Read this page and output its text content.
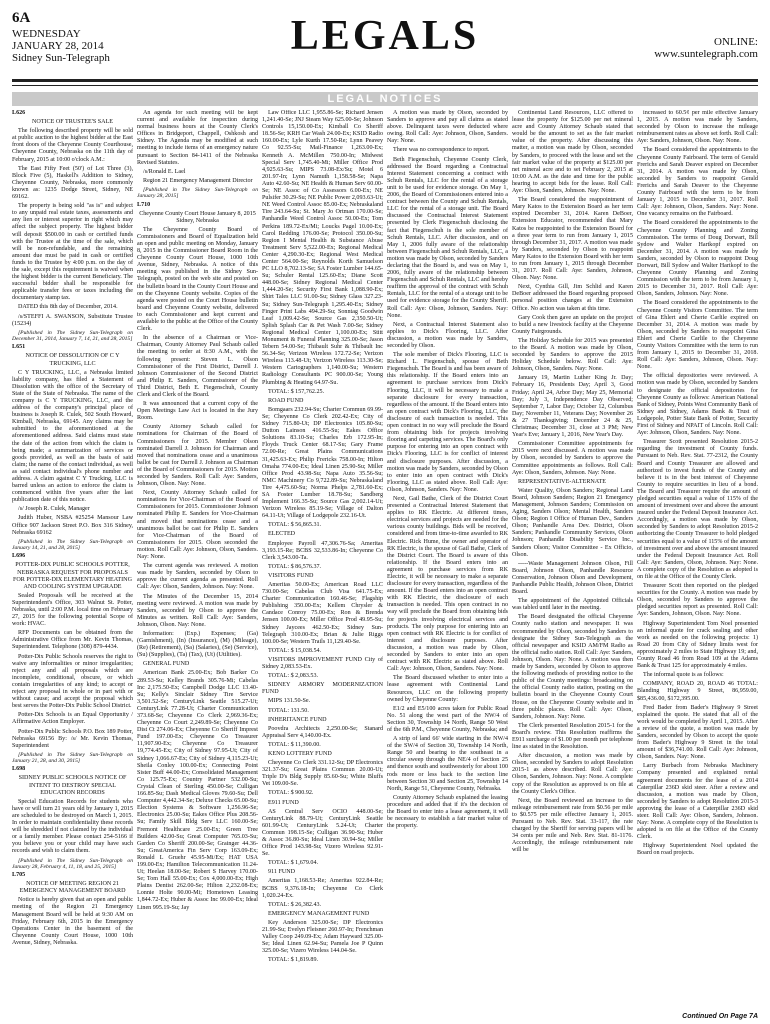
6A
WEDNESDAY
JANUARY 28, 2014
Sidney Sun-Telegraph	LEGALS	ONLINE:
www.suntelegraph.com
LEGAL NOTICES

L626

NOTICE OF TRUSTEE'S SALE

The following described property will be sold at public auction to the highest bidder at the East front doors of the Cheyenne County Courthouse, Cheyenne County, Nebraska on the 11th day of February, 2015 at 10:00 o'clock A.M.:

The East Fifty Feet (50') of Lot Three (3), Block Five (5), Haskell's Addition to Sidney, Cheyenne County, Nebraska, more commonly known as: 1235 Dodge Street, Sidney, NE 69162.

The property is being sold "as is" and subject to any unpaid real estate taxes, assessments and any lien or interest superior in right which may affect the subject property. The highest bidder will deposit $500.00 in cash or certified funds with the Trustee at the time of the sale, which will be non-refundable, and the remaining amount due must be paid in cash or certified funds to the Trustee by 4:00 p.m. on the day of the sale, except this requirement is waived when the highest bidder is the current Beneficiary. The successful bidder shall be responsible for applicable transfer fees or taxes including the documentary stamp tax.

DATED this 8th day of December, 2014.

/s/STEFFI A. SWANSON, Substitute Trustee (15234)

[Published in The Sidney Sun-Telegraph on December 31, 2014, January 7, 14, 21, and 28, 2015]

L651

NOTICE OF DISSOLUTION OF C Y TRUCKING, LLC

C Y TRUCKING, LLC, a Nebraska limited liability company, has filed a Statement of Dissolution with the office of the Secretary of State of the State of Nebraska. The name of the company is C Y TRUCKING, LLC, and the address of the company's principal place of business is Joseph R. Culek, 502 South Howard, Kimball, Nebraska, 69145. Any claims may be submitted to the aforementioned at the aforementioned address. Said claims must state the date of the action from which the claim is being made; a summarization of services or goods provided, as well as the basis of said claim; the name of the contact individual, as well as said contact individual's phone number and address. A claim against C Y Trucking, LLC is barred unless an action to enforce the claim is commenced within five years after the last publication date of this notice.

/s/ Joseph R. Culek, Manager

Judith Huber, NSBA #25254 Mansour Law Office 907 Jackson Street P.O. Box 316 Sidney, Nebraska 69162

[Published in The Sidney Sun-Telegraph on January 14, 21, and 28, 2015]

L696

POTTER-DIX PUBLIC SCHOOLS POTTER, NEBRASKA REQUEST FOR PROPOSALS FOR POTTER-DIX ELEMENTARY HEATING AND COOLING SYSTEM UPGRADE

Sealed Proposals will be received at the Superintendent's Office, 303 Walnut St. Potter, Nebraska, until 2:00 P.M. local time on February 27, 2015 for the following potential Scope of work: HVAC.

RFP Documents can be obtained from the Administrative Office from Mr. Kevin Thomas, Superintendent. Telephone (308) 879-4434.

Potter-Dix Public Schools reserves the right to waive any informalities or minor irregularities; reject any and all proposals which are incomplete, conditional, obscure, or which contain irregularities of any kind; to accept or reject any proposal in whole or in part with or without cause; and accept the proposal which best serves the Potter-Dix Public School District.

Potter-Dix Schools is an Equal Opportunity / Affirmative Action Employer.

Potter-Dix Public Schools P.O. Box 189 Potter, Nebraska 69156 By: /s/ Mr. Kevin Thomas, Superintendent

[Published in The Sidney Sun-Telegraph on January 21, 28, and 30, 2015]

L698

SIDNEY PUBLIC SCHOOLS NOTICE OF INTENT TO DESTROY SPECIAL EDUCATION RECORDS

Special Education Records for students who have or will turn 21 years old by January 1, 2015 are scheduled to be destroyed on March 1, 2015. In order to maintain confidentiality these records will be shredded if not claimed by the individual or a family member. Please contact 254-5166 if you believe you or your child may have such records and wish to claim them.

[Published in The Sidney Sun-Telegraph on January 28, February 4, 11, 18, and 25, 2015]

L705

NOTICE OF MEETING REGION 21 EMERGENCY MANAGEMENT BOARD

Notice is hereby given that an open and public meeting of the Region 21 Emergency Management Board will be held at 9:30 AM on Friday, February 6th, 2015 in the Emergency Operations Center in the basement of the Cheyenne County Court House, 1000 10th Avenue, Sidney, Nebraska.

An agenda for such meeting will be kept current and available for inspection during normal business hours at the County Clerk's Offices in Bridgeport, Chappell, Oshkosh and Sidney. The Agenda may be modified at such meeting to include items of an emergency nature pursuant to Section 84-1411 of the Nebraska Revised Statutes.

/s/Ronald E. Lael

Region 21 Emergency Management Director

[Published in The Sidney Sun-Telegraph on January 28, 2015]

L710

Cheyenne County Court House January 8, 2015 Sidney, Nebraska

The Cheyenne County Board of Commissioners and Board of Equalization held an open and public meeting on Monday, January 8, 2015 in the Commissioner Board Room in the Cheyenne County Court House, 1000 10th Avenue, Sidney, Nebraska. A notice of this meeting was published in the Sidney Sun-Telegraph, posted on the web site and posted on the bulletin board in the County Court House and on the Cheyenne County website. Copies of the agenda were posted on the Court House bulletin board and Cheyenne County website, delivered to each Commissioner and kept current and available to the public at the Office of the County Clerk.

In the absence of a Chairman or Vice-Chairman, County Attorney Paul Schaub called the meeting to order at 8:30 A.M., with the following present: Steven L. Olson Commissioner of the First District, Darrell J. Johnson Commissioner of the Second District and Philip E. Sanders, Commissioner of the Third District, Beth E. Fiegenschuh, County Clerk and Clerk of the Board.

It was announced that a current copy of the Open Meetings Law Act is located in the Jury Room.

County Attorney Schaub called for nominations for Chairman of the Board of Commissioners for 2015. Member Olson nominated Darrell J. Johnson for Chairman and moved that nominations cease and a unanimous ballot be cast for Darrell J. Johnson as Chairman of the Board of Commissioners for 2015. Motion seconded by Sanders. Roll Call: Aye: Sanders, Johnson, Olson. Nay: None.

Next, County Attorney Schaub called for nominations for Vice-Chairman of the Board of Commissioners for 2015. Commissioner Johnson nominated Philip E. Sanders for Vice-Chairman and moved that nominations cease and a unanimous ballot be cast for Philip E. Sanders for Vice-Chairman of the Board of Commissioners for 2015. Olson seconded the motion. Roll Call: Aye: Johnson, Olson, Sanders. Nay: None.

The current agenda was reviewed. A motion was made by Sanders, seconded by Olson to approve the current agenda as presented. Roll Call: Aye: Olson, Sanders, Johnson. Nay: None.

The Minutes of the December 15, 2014 meeting were reviewed. A motion was made by Sanders, seconded by Olson to approve the Minutes as written. Roll Call: Aye: Sanders, Johnson, Olson. Nay: None.

Information: (Exp.) Expenses; (Ga) (Garnishment), (In) (Insurance), (M) (Mileage), (Re) (Retirement), (Sa) (Salaries), (Se) (Service), (Su) (Supplies), (Ta) (Tax), (Ut) (Utilities).

GENERAL FUND

American Bank 25.00-Ex; Bob Barker Co 289.53-Su; Kelley Brands 305.76-Mi; Cabelas Inc 2,175.50-Ex; Campbell Dodge LLC 13.40-Su; Kelly's Sinclair Sidney Tire Service 3,501.52-Se; CenturyLink Seattle 515.27-Ut; CenturyLink 77.28-Ut; Charter Communication 373.68-Se; Cheyenne Co Clerk 2,969.36-Ex; Cheyenne Co Court 2,249.89-Se; Cheyenne Co Dist Ct 274.06-Ex; Cheyenne Co Sheriff Imprest Fund 197.00-Ex; Cheyenne Co Treasurer 11,907.90-Ex; Cheyenne Co Treasurer 19,774.45-Ex; City of Sidney 97.95-Ut; City of Sidney 1,066.67-Ex; City of Sidney 4,115.23-Ut; Sheila Conley 100.00-Ex; Connecting Point Sister Buff 44.00-Ex; Consolidated Management Co 125.75-Ex; Country Partner 532.00-Su; Crystal Clean of Sterling 450.00-Se; Culligan 166.85-Su; Dash Medical Gloves 79.60-Su; Dell Computer 4,442.34-Se; Deluxe Checks 65.00-Su; Election Systems & Software 1,256.96-Se; Electronics 25.00-Su; Eakes Office Plus 208.56-Su; Family Skill Bldg Serv LLC 160.00-Se; Fremont Healthcare 25.00-Ex; Green Tree Builders 42.00-Su; Great Computer 765.03-Su; Garden Co Sheriff 200.00-Se; Grainger 44.36-Su; GreatAmerica Fin Serv Corp 163.09-Ex; Ronald L Gruehr 45.95-Mi/Ex; HAT USA 199.00-Ex; Hamilton Telecommunication 11.24-Ut; Heelan 18.00-Se; Robert S Harvey 170.00-Se; Tom Hall 55.00-Ex; Cox 4,000.00-Ex; High Plains Dentist 262.00-Se; Hilton 2,232.08-Ex; Lonnie Holte 90.00-Mi; Hometown Leasing 1,844.72-Ex; Huber & Assoc Inc 99.00-Ex; Ideal Linen 995.19-Su; Jay

Law Office LLC 1,955.86-Se; Richard Jensen 1,241.40-Se; JNJ Steam Way 625.00-Se; Johnson Controls 15,150.00-Ex; Kimball Co Sheriff 18.56-Se; KRH Car Wash 24.00-Ex; KSID Radio 160.00-Ex; Lyle Kurth 17.50-Re; Lynn Peavey Co 92.55-Su; Mail-Finance 1,263.00-Ex; Kenneth A. McMillen 750.00-In; Midwest Special Serv 1,745.40-Mi; Miller Office Prod 4,925.63-Su; MIPS 73.08-Ex/Su; Motel 6 201.97-In; Lynn Namuth 1,158.58-Se; Napa Auto 42.60-Su; NE Health & Human Serv 60.00-Se; NE Assoc of Co Assessors 6.00-Ex; NE Pulsifer 30.29-Su; NE Public Power 2,093.63-Ut; NE Weed Control Assoc 85.00-Ex; Nebraskaland Tire 243.64-Su; St. Mary Jo Ortman 170.00-Se; Panhandle Weed Control Assoc 50.00-Ex; Tom Perkins 189.72-Ex/Mi; Loucks Pagel 10.00-Ex; Carol Redding 176.00-Se; Protocol 350.00-Su; Region I Mental Health & Substance Abuse Treatment Serv 5,522.00-Ex; Regional Medical Center 4,290.30-Ex; Regional West Medical Center 564.00-Se; Reynolds Korth Samuelson PC LLO 8,702.13-Se; SA Foster Lumber 144.65-Su; Schuler Rental 125.60-Ex; Diane Scott 448.00-Se; Sidney Regional Medical Center 1,444.20-Se; Security First Bank 1,088.90-Ex; Shirt Tales LLC 91.00-Su; Sidney Glass 327.23-Su; Sidney Sun-Telegraph 1,295.40-Ex; Sidney Finger Print Labs 494.29-Su; Sonntag Goodwin Leaf 1,009.42-Se; Source Gas 2,350.50-Ut; Splish Splash Car & Pet Wash 7.00-Se; Sidney Regional Medical Center 1,100.00-Ex; Stitt Monument & Funeral Planning 325.00-Se; Jason Tebern 54.00-Se; Thibault Suhr & Thibault Inc 56.34-Se; Verizon Wireless 172.72-Se; Verizon Wireless 113.48-Ut; Verizon Wireless 113.30-Se; Western Cartographers 1,140.00-Su; Western Radiology Consultants PC 900.00-Se; Young Plumbing & Heating 64.97-Su.

TOTAL: $ 157,762.25.

ROAD FUND

Bomgaars 232.94-Su; Charter Commun 69.99-Se; Cheyenne Co Clerk 202.42-Ex; City of Sidney 715.80-Ut; DP Electronics 105.80-Su; Dutton Lainson 416.55-Su; Eakes Office Solutions 83.10-Su; Charles Erb 172.95-In; Floyds Truck Center 68.17-Su; Gary Frame 72.00-Re; Great Plains Communications 31,425.63-Ex; Philip Frericks 758.00-In; Hilton Omaha 774.00-Ex; Ideal Linen 25.90-Su; Miller Office Prod 43.98-Su; Napa Auto 35.56-Su; NMC Machinery Co 9,722.89-Su; Nebraskaland Tire 4,475.60-Su; Norma Phelps 2,781.60-Ex; SA Foster Lumber 18.78-Su; Sandberg Implement 166.35-Su; Source Gas 2,002.14-Ut; Verizon Wireless 85.19-Se; Village of Dalton 64.11-Ut; Village of Lodgepole 232.16-Ut.

TOTAL: $ 56,865.31.

ELECTED

Employee Payroll 47,306.76-Sa; Ameritas 3,193.15-Re; BCBS 32,533.86-In; Cheyenne Co Clerk 3,543.00-Ta.

TOTAL: $ 86,576.37.

VISITORS FUND

Ameritas 50.00-Ex; American Road LLC 730.00-Se; Cabelas Club Visa 641.75-Ex; Charter Communication 160.46-Se; Flagship Publishing 350.00-Ex; Kellem Chrysler & Candace Conroy 75.00-Ex; Ron & Brenda Jensen 100.00-Ex; Miller Office Prod 49.95-Su; Sidney Jaycees 462.50-Ex; Sidney Sun-Telegraph 310.00-Ex; Brian & Julie Riggs 100.00-Se; Western Trails 11,129.40-Se.

TOTAL: $ 15,038.54.

VISITORS IMPROVEMENT FUND City of Sidney 2,083.53-Ex.

TOTAL: $ 2,083.53.

SIDNEY ARMORY MODERNIZATION FUND

MIPS 131.50-Se.

TOTAL: 131.50.

INHERITANCE FUND

Poovdra Architects 2,250.00-Se; Stanard Appraisal Serv 4,140.00-Ex.

TOTAL: $ 11,390.00.

KENO LOTTERY FUND

Cheyenne Co Clerk 331.12-Su; DP Electronics 321.37-Su; Great Plains Commun 20.00-Ut; Triple D's Bldg Supply 85.60-Su; White Bluffs Vet 109.00-Se.

TOTAL: $ 900.92.

E911 FUND

AS Central Serv OCIO 448.00-Se; CenturyLink 88.79-Ut; CenturyLink Seattle 601.99-Ut; CenturyLink 5.24-Ut; Charter Commun 198.15-Se; Culligan 36.90-Su; Huber & Assoc 36.80-Su; Ideal Linen 30.94-Su; Miller Office Prod 143.98-Su; Vizero Wireless 92.91-Se.

TOTAL: $ 1,679.04.

911 FUND

Ameritas 1,168.53-Re; Ameritas 922.84-Re; BCBS 9,376.18-In; Cheyenne Co Clerk 1,020.24-Ex.

TOTAL: $ 26,382.43.

EMERGENCY MANAGEMENT FUND

Key Anderson 325.00-Se; DP Electronics 21.99-Su; Evelyn Fleisner 260.97-In; Frenchman Valley Coop 249.09-Ex; Adam Hayward 325.00-Se; Ideal Linen 62.94-Su; Pamela Joe P Quinn 325.00-Se; Vizero Wireless 144.04-Se.

TOTAL: $ 1,819.89.

A motion was made by Olson, seconded by Sanders to approve and pay all claims as stated above. Delinquent taxes were deducted where owing. Roll Call: Aye: Johnson, Olson, Sanders. Nay: None.

There was no correspondence to report.

Beth Fiegenschuh, Cheyenne County Clerk, addressed the Board regarding a Contractual Interest Statement concerning a contract with Schuh Rentals, LLC for the rental of a storage unit to be used for evidence storage. On May 1, 2006, the Board of Commissioners entered into a contract between the County and Schuh Rentals, LLC for the rental of a storage unit. The Board discussed the Contractual Interest Statement presented by Clerk Fiegenschuh disclosing the fact that Fiegenschuh is the sole member of Schuh Rentals, LLC. After discussion, and on May 1, 2006 fully aware of the relationship between Fiegenschuh and Schuh Rentals, LLC, a motion was made by Olson, seconded by Sanders declaring that the Board is, and was on May 1, 2006, fully aware of the relationship between Fiegenschuh and Schuh Rentals, LLC and hereby reaffirm the approval of the contract with Schuh Rentals, LLC for the rental of a storage unit to be used for evidence storage for the County Sheriff. Roll Call: Aye: Olson, Johnson, Sanders. Nay: None.

Next, a Contractual Interest Statement also applies to Dick's Flooring, LLC. After discussion, a motion was made by Sanders, seconded by Olson.

The sole member of Dick's Flooring, LLC is Richard L. Fiegenschuh, spouse of Beth Fiegenschuh. The Board is and has been aware of this relationship. If the Board enters into an agreement to purchase services from Dick's Flooring, LLC, it will be necessary to make a separate disclosure for every transaction, regardless of the amount. If the Board enters into an open contract with Dick's Flooring, LLC, the disclosure of each transaction is needed. This open contract in no way will preclude the Board from obtaining bids for projects involving flooring and carpeting services. The Board's only purpose for entering into an open contract with Dick's Flooring, LLC is for conflict of interest and disclosure purposes. After discussion, a motion was made by Sanders, seconded by Olson to enter into an open contract with Dick's Flooring, LLC as stated above. Roll Call: Aye: Olson, Johnson, Sanders. Nay: None.

Next, Gail Bathe, Clerk of the District Court presented a Contractual Interest Statement that applies to RK Electric. At different times, electrical services and projects are needed for the various county buildings. Bids will be received, considered and from time-to-time awarded to RK Electric. Rick Hume, the owner and operator of RK Electric, is the spouse of Gail Bathe, Clerk of the District Court. The Board is aware of this relationship. If the Board enters into an agreement to purchase services from RK Electric, it will be necessary to make a separate disclosure for every transaction, regardless of the amount. If the Board enters into an open contract with RK Electric, the disclosure of each transaction is needed. This open contract in no way will preclude the Board from obtaining bids for projects involving electrical services and products. The only purpose for entering into an open contract with RK Electric is for conflict of interest and disclosure purposes. After discussion, a motion was made by Olson, seconded by Sanders to enter into an open contract with RK Electric as stated above. Roll Call: Aye: Johnson, Olson, Sanders. Nay: None.

The Board discussed whether to enter into a lease agreement with Continental Land Resources, LLC on the following property owned by Cheyenne County:

E1/2 and E5/100 acres taken for Public Road No. 51 along the west part of the NW/4 of Section 30, Township 14 North, Range 50 West of the 6th P.M., Cheyenne County, Nebraska; and

A strip of land 66' wide starting in the NW/4 of the SW/4 of Section 30, Township 14 North, Range 50 and bearing to the southeast in a circular sweep through the NE/4 of Section 25 and thence south and southwesterly for about 100 rods more or less back to the section line between Section 30 and Section 25, Township 14 North, Range 51, Cheyenne County, Nebraska.

County Attorney Schaub explained the leasing procedure and added that if it's the decision of the Board to enter into a lease agreement, it will be necessary to establish a fair market value of the property.

Continental Land Resources, LLC offered to lease the property for $125.00 per net mineral acre and County Attorney Schaub stated that would be the amount to set as the fair market value of the property. After discussing this matter, a motion was made by Olson, seconded by Sanders, to proceed with the lease and set the fair market value of the property at $125.00 per net mineral acre and to set February 2, 2015 at 10:00 A.M. as the date and time for the public hearing to accept bids for the lease. Roll Call: Aye: Olson, Sanders, Johnson. Nay: None.

The Board considered the reappointment of Mary Katos to the Extension Board as her term expired December 31, 2014. Karen DeBoer, Extension Educator, recommended that Mary Katos be reappointed to the Extension Board for a three year term to run from January 1, 2015 through December 31, 2017. A motion was made by Sanders, seconded by Olson to reappoint Mary Katos to the Extension Board with her term to run from January 1, 2015 through December 31, 2017. Roll Call: Aye: Sanders, Johnson, Olson. Nay: None.

Next, Cynthia Gill, Jim Schlid and Karen DeBoer addressed the Board regarding proposed personal position changes at the Extension Office. No action was taken at this time.

Gary Cook then gave an update on the project to build a new livestock facility at the Cheyenne County Fairgrounds.

The Holiday Schedule for 2015 was presented to the Board. A motion was made by Olson, seconded by Sanders to approve the 2015 Holiday Schedule below. Roll Call: Aye: Johnson, Olson, Sanders. Nay: None.

January 19, Martin Luther King Jr. Day; February 16, Presidents Day; April 3, Good Friday; April 24, Arbor Day; May 25, Memorial Day; July 3, Independence Day Observed; September 7, Labor Day; October 12, Columbus Day; November 11, Veterans Day; November 26 & 27 Thanksgiving; December 24 & 25, Christmas; December 31, close at 3 PM; New Year's Eve; January 1, 2016, New Year's Day.

Commissioner Committee appointments for 2015 were next discussed. A motion was made by Olson, seconded by Sanders to approve the Committee appointments as follows. Roll Call: Aye: Olson, Sanders, Johnson. Nay: None.

REPRESENTATIVE-ALTERNATE

Water Quality, Olson Sanders; Regional Land Board, Johnson Sanders; Region 21 Emergency Management, Johnson Sanders; Commission on Aging, Sanders Olson; Mental Health, Sanders Olson; Region I Office of Human Dev., Sanders Olson; Panhandle Area Dev. District, Olson Sanders; Panhandle Community Services, Olson Johnson; Panhandle Disability Service Inc., Sanders Olson; Visitor Committee - Ex Officio, Olson.

-----Waste Management Johnson Olson, Fill Board, Johnson Olson, Panhandle Resource Conservation, Johnson Olson and Development, Panhandle Public Health, Johnson Olson, District Board.

The appointment of the Appointed Officials was tabled until later in the meeting.

The Board designated the official Cheyenne County radio station and newspaper. It was recommended by Olson, seconded by Sanders to designate the Sidney Sun-Telegraph as the official newspaper and KSID AM/FM Radio as the official radio station. Roll Call: Aye: Sanders, Johnson, Olson. Nay: None. A motion was then made by Sanders, seconded by Olson to approve the following methods of providing notice to the public of the County meetings: broadcasting on the official County radio station, posting on the bulletin board in the Cheyenne County Court House, on the Cheyenne County website and in three public places. Roll Call: Aye: Olson, Sanders, Johnson. Nay: None.

The Clerk presented Resolution 2015-1 for the Board's review. This Resolution reaffirms the E911 surcharge of $1.00 per month per telephone line as stated in the Resolution.

After discussion, a motion was made by Olson, seconded by Sanders to adopt Resolution 2015-1 as above described. Roll Call: Aye: Olson, Sanders, Johnson. Nay: None. A complete copy of the Resolution as approved is on file at the County Clerk's Office.

Next, the Board reviewed an increase to the mileage reimbursement rate from $0.56 per mile to $0.575 per mile effective January 1, 2015. Pursuant to Neb. Rev. Stat. 33-117, the rate charged by the Sheriff for serving papers will be 34 cents per mile and Neb. Rev. Stat. 81-1176. Accordingly, the mileage reimbursement rate will be

increased to 60.5¢ per mile effective January 1, 2015. A motion was made by Sanders, seconded by Olson to increase the mileage reimbursement rates as above set forth. Roll Call: Aye: Sanders, Johnson, Olson. Nay: None.

The Board considered the appointments to the Cheyenne County Fairboard. The term of Gerald Frerichs and Sarah Deaver expired on December 31, 2014. A motion was made by Olson, seconded by Sanders to reappoint Gerald Frerichs and Sarah Deaver to the Cheyenne County Fairboard with the term to be from January 1, 2015 to December 31, 2017. Roll Call: Aye: Johnson, Olson, Sanders. Nay: None. One vacancy remains on the Fairboard.

The Board considered the appointments to the Cheyenne County Planning and Zoning Commission. The terms of Doug Dorwart, Bill Sydow and Walter Hartkopf expired on December 31, 2014. A motion was made by Sanders, seconded by Olson to reappoint Doug Dorwart, Bill Sydow and Walter Hartkopf to the Cheyenne County Planning and Zoning Commission with the term to be from January 1, 2015 to December 31, 2017. Roll Call: Aye: Olson, Sanders, Johnson. Nay: None.

The Board considered the appointments to the Cheyenne County Visitors Committee. The term of Gina Ehlert and Cherie Carlile expired on December 31, 2014. A motion was made by Olson, seconded by Sanders to reappoint Gina Ehlert and Cherie Carlile to the Cheyenne County Visitors Committee with the term to run from January 1, 2015 to December 31, 2018. Roll Call: Aye: Sanders, Johnson, Olson. Nay: None.

The official depositories were reviewed. A motion was made by Olson, seconded by Sanders to designate the official depositories for Cheyenne County as follows: American National Bank of Sidney, Points West Community Bank of Sidney and Sidney, Adams Bank & Trust of Lodgepole, Potter State Bank of Potter, Security First of Sidney and NPAIT of Lincoln. Roll Call: Aye: Johnson, Olson, Sanders. Nay: None.

Treasurer Scott presented Resolution 2015-2 regarding the investment of County funds. Pursuant to Neb. Rev. Stat. 77-2312, the County Board and County Treasurer are allowed and authorized to invest funds of the County and believe it is in the best interest of Cheyenne County to require securities in lieu of a bond. The Board and Treasurer require the amount of pledged securities equal a value of 115% of the amount of investment over and above the amount insured under the Federal Deposit Insurance Act. Accordingly, a motion was made by Olson, seconded by Sanders to adopt Resolution 2015-2 authorizing the County Treasurer to hold pledged securities equal to a value of 115% of the amount of investment over and above the amount insured under the Federal Deposit Insurance Act. Roll Call: Aye: Sanders, Olson, Johnson. Nay: None. A complete copy of the Resolution as adopted is on file at the Office of the County Clerk.

Treasurer Scott then reported on the pledged securities for the County. A motion was made by Olson, seconded by Sanders to approve the pledged securities report as presented. Roll Call: Aye: Sanders, Johnson, Olson. Nay: None.

Highway Superintendent Tom Noel presented an informal quote for crack sealing and other work as needed on the following projects: 1) Road 20 from City of Sidney limits west for approximately 2 miles to State Highway 19; and, County Road 46 from Road 109 at the Adams Bank & Trust 125 for approximately 4 miles.

The informal quote is as follows:

COMPANY, ROAD 20, ROAD 46 TOTAL: Blanding Highway 9 Street, 86,959.00, $85,436.00, $172,395.00.

Fred Bader from Bader's Highway 9 Street explained the quote. He stated that all of the work would be completed by April 1, 2015. After a review of the quote, a motion was made by Sanders, seconded by Olson to accept the quote from Bader's Highway 9 Street in the total amount of $36,741.00. Roll Call: Aye: Johnson, Olson, Sanders. Nay: None.

Larry Burbach from Nebraska Machinery Company presented and explained rental agreement documents for the lease of a 2014 Caterpillar 236D skid steer. After a review and discussion, a motion was made by Olson, seconded by Sanders to adopt Resolution 2015-3 approving the lease of a Caterpillar 236D skid steer. Roll Call: Aye: Olson, Sanders, Johnson. Nay: None. A complete copy of the Resolution is adopted is on file at the Office of the County Clerk.

Highway Superintendent Noel updated the Board on road projects.

Continued On Page 7A
